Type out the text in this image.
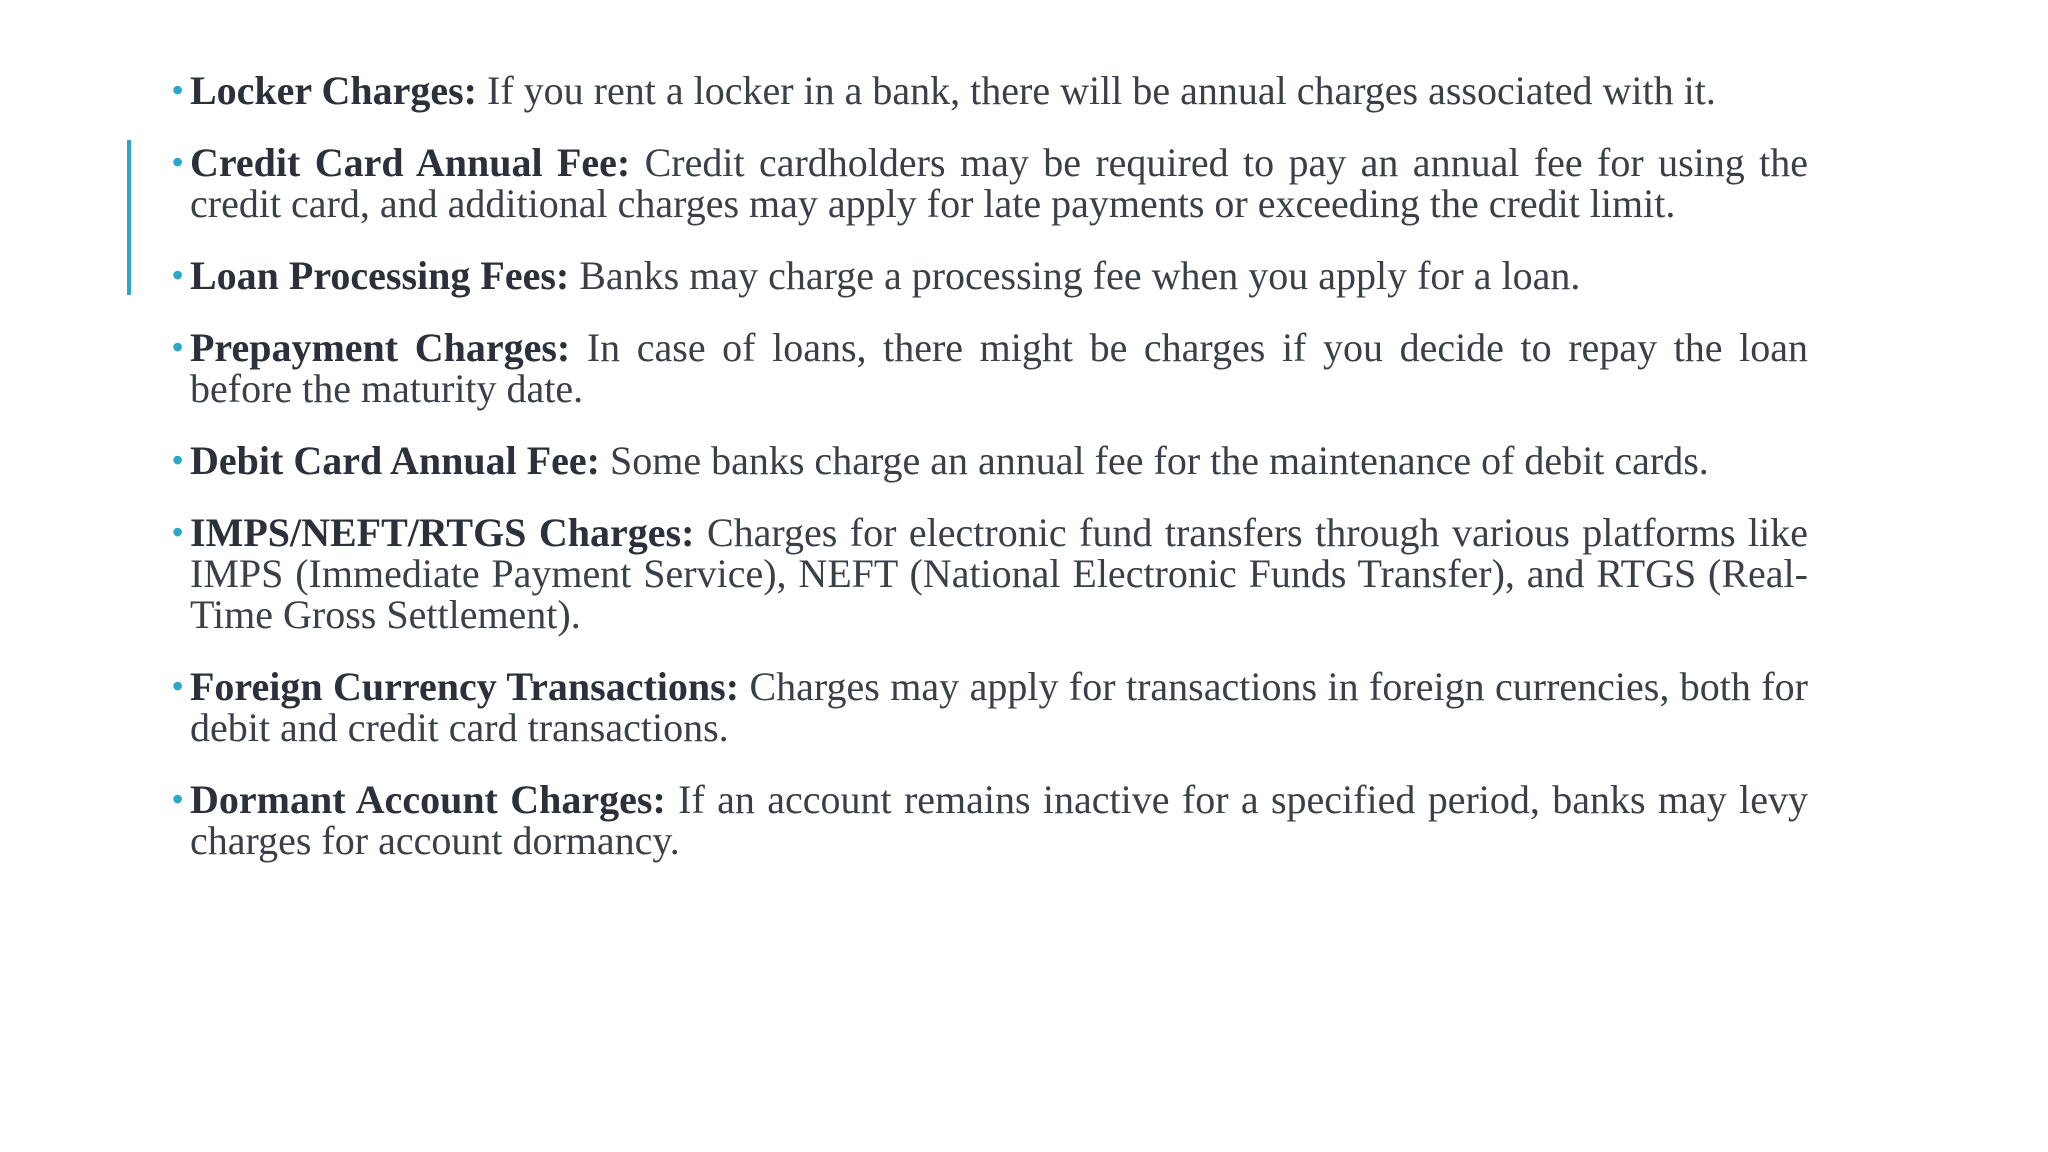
• Locker Charges: If you rent a locker in a bank, there will be annual charges associated with it.
• Credit Card Annual Fee: Credit cardholders may be required to pay an annual fee for using the credit card, and additional charges may apply for late payments or exceeding the credit limit.
• Loan Processing Fees: Banks may charge a processing fee when you apply for a loan.
• Prepayment Charges: In case of loans, there might be charges if you decide to repay the loan before the maturity date.
• Debit Card Annual Fee: Some banks charge an annual fee for the maintenance of debit cards.
• IMPS/NEFT/RTGS Charges: Charges for electronic fund transfers through various platforms like IMPS (Immediate Payment Service), NEFT (National Electronic Funds Transfer), and RTGS (Real-Time Gross Settlement).
• Foreign Currency Transactions: Charges may apply for transactions in foreign currencies, both for debit and credit card transactions.
• Dormant Account Charges: If an account remains inactive for a specified period, banks may levy charges for account dormancy.
